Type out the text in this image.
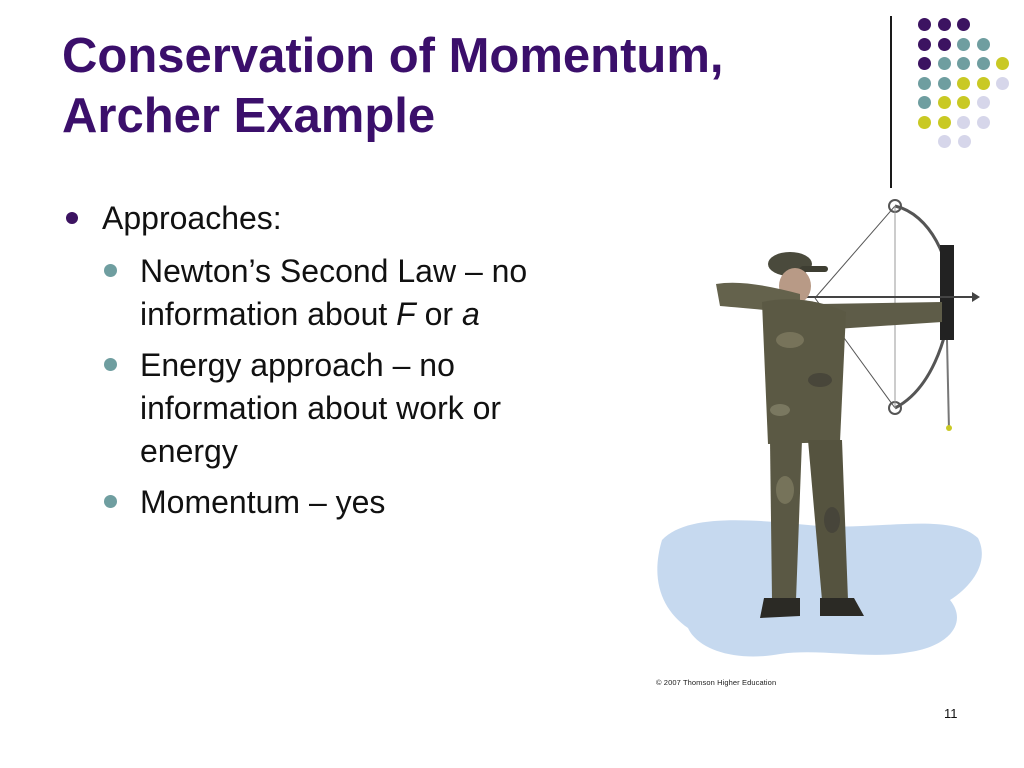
Conservation of Momentum,
Archer Example
Approaches:
Newton’s Second Law – no
information about F or a
Energy approach – no
information about work or
energy
Momentum – yes
© 2007 Thomson Higher Education
11
